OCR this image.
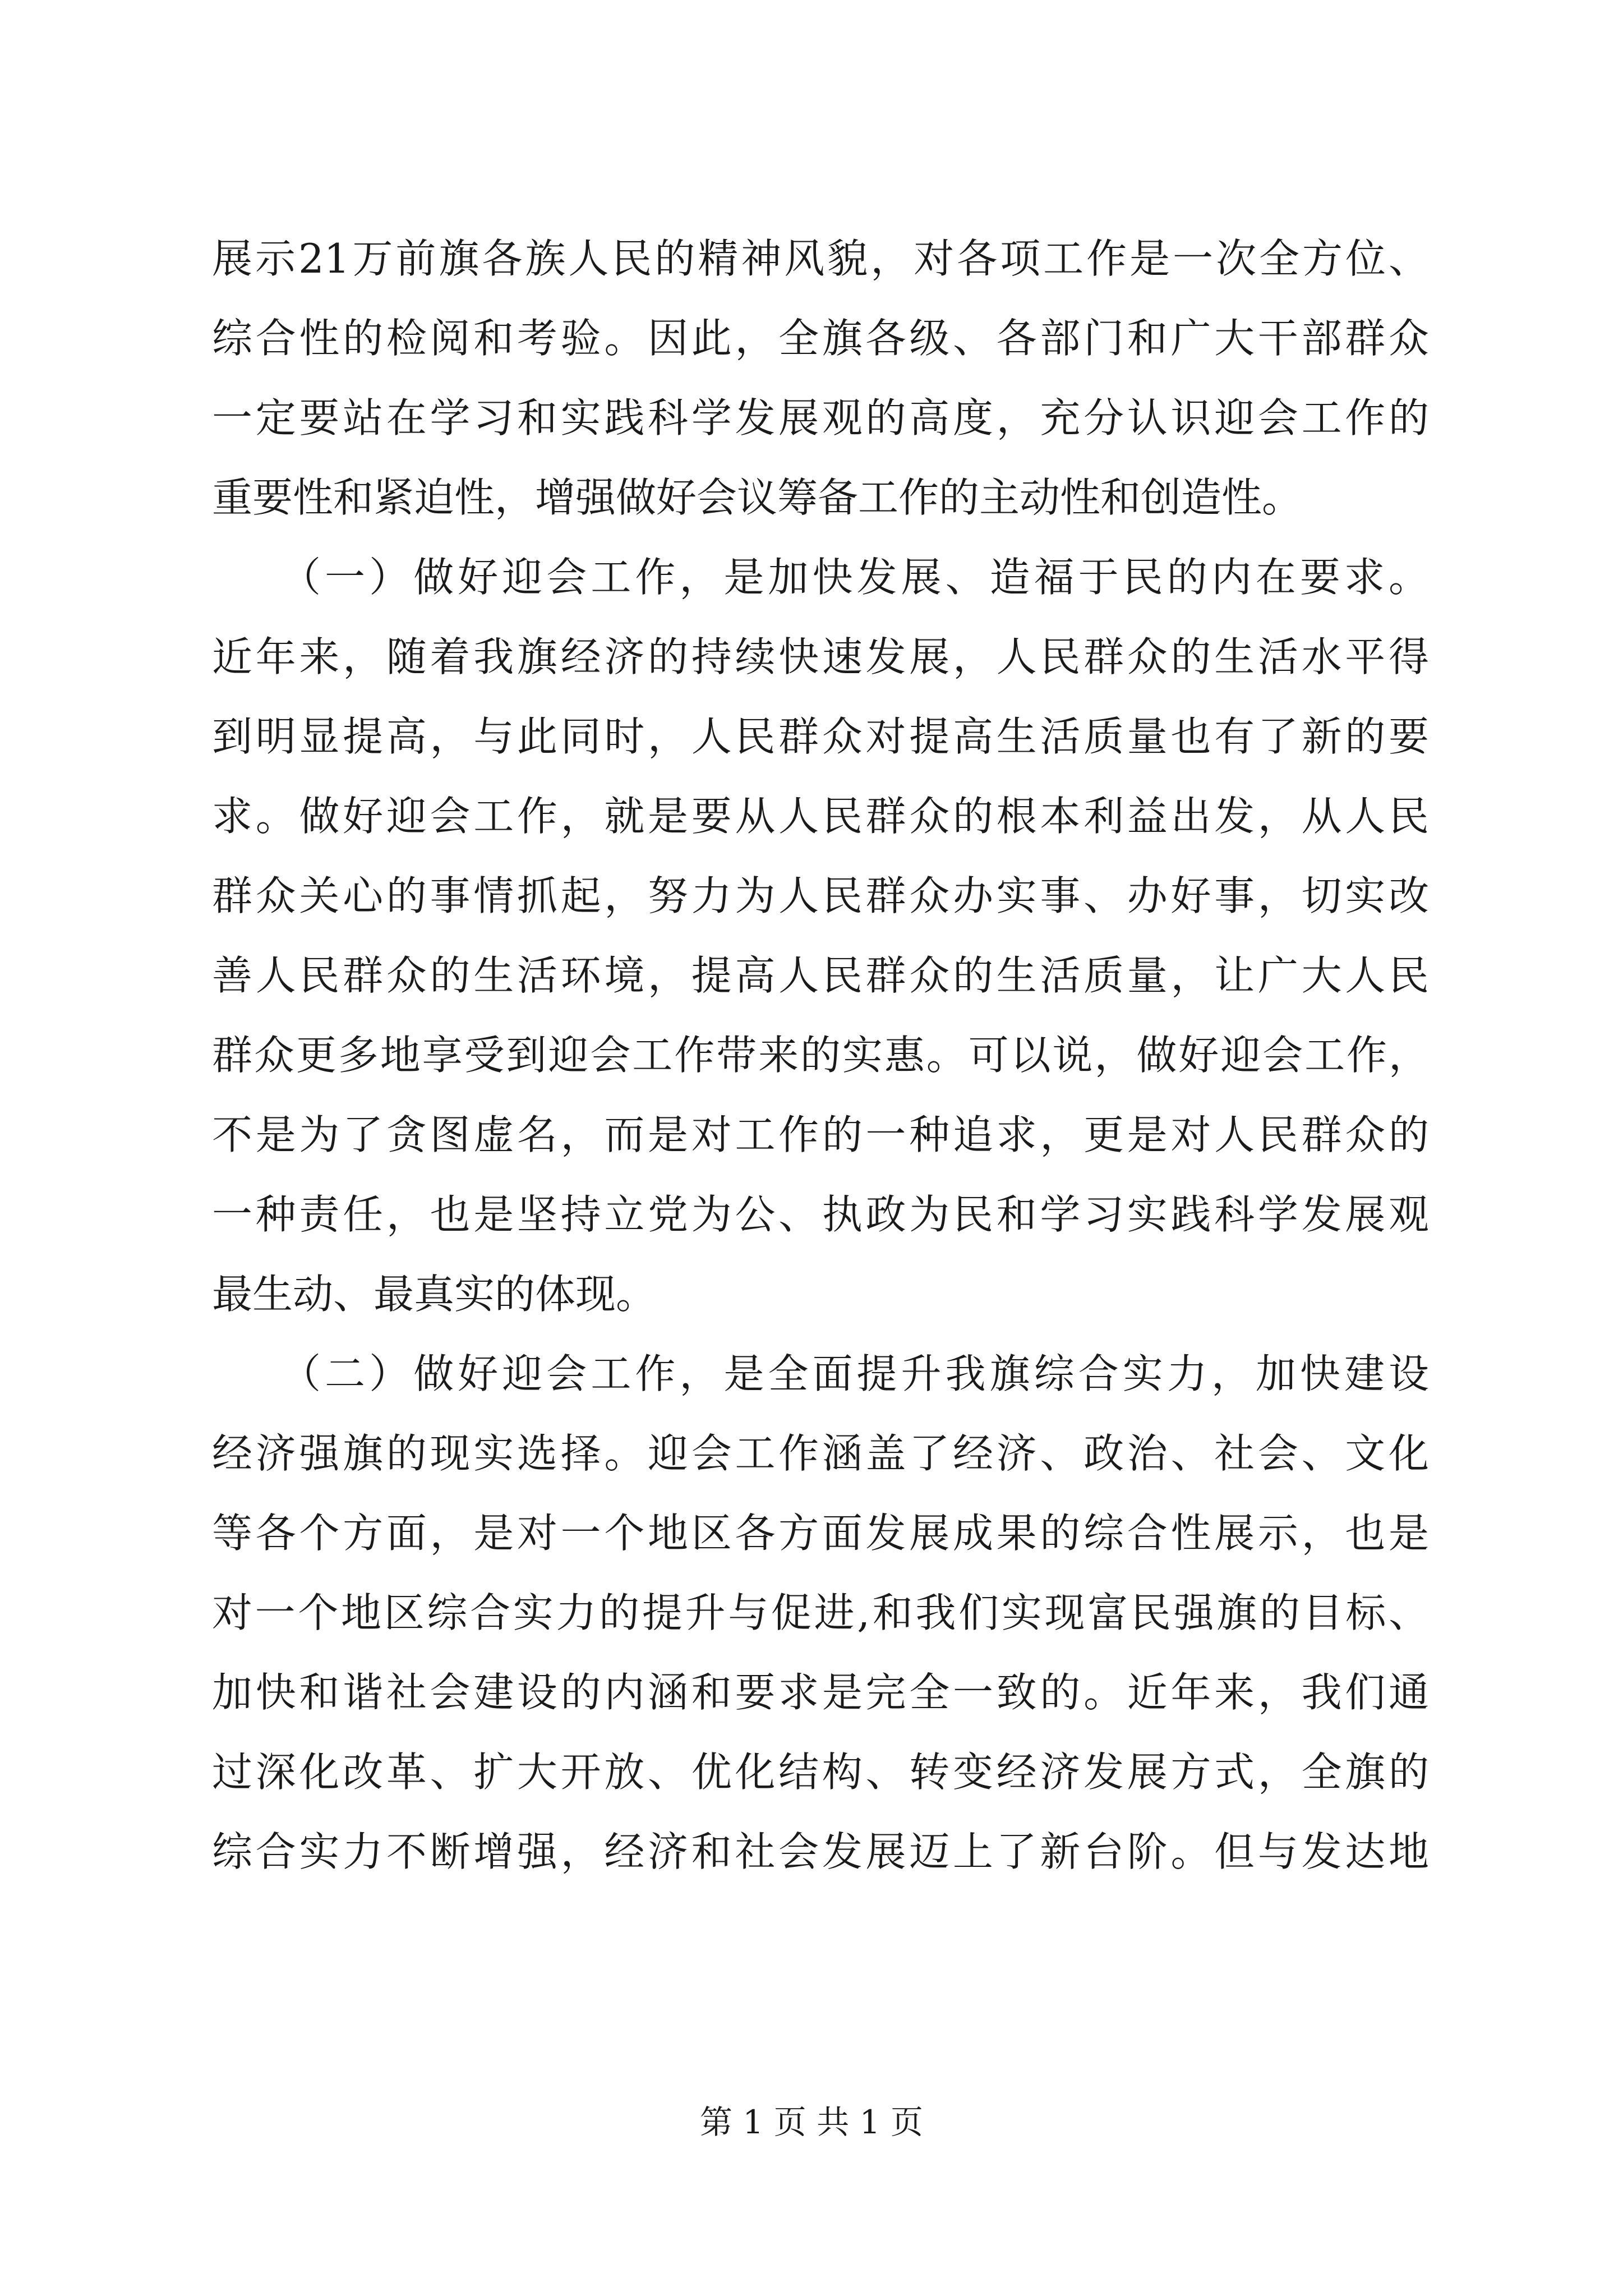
展示21万前旗各族人民的精神风貌，对各项工作是一次全方位、
综合性的检阅和考验。因此，全旗各级、各部门和广大干部群众
一定要站在学习和实践科学发展观的高度，充分认识迎会工作的
重要性和紧迫性，增强做好会议筹备工作的主动性和创造性。
　　（一）做好迎会工作，是加快发展、造福于民的内在要求。
近年来，随着我旗经济的持续快速发展，人民群众的生活水平得
到明显提高，与此同时，人民群众对提高生活质量也有了新的要
求。做好迎会工作，就是要从人民群众的根本利益出发，从人民
群众关心的事情抓起，努力为人民群众办实事、办好事，切实改
善人民群众的生活环境，提高人民群众的生活质量，让广大人民
群众更多地享受到迎会工作带来的实惠。可以说，做好迎会工作，
不是为了贪图虚名，而是对工作的一种追求，更是对人民群众的
一种责任，也是坚持立党为公、执政为民和学习实践科学发展观
最生动、最真实的体现。
　　（二）做好迎会工作，是全面提升我旗综合实力，加快建设
经济强旗的现实选择。迎会工作涵盖了经济、政治、社会、文化
等各个方面，是对一个地区各方面发展成果的综合性展示，也是
对一个地区综合实力的提升与促进,和我们实现富民强旗的目标、
加快和谐社会建设的内涵和要求是完全一致的。近年来，我们通
过深化改革、扩大开放、优化结构、转变经济发展方式，全旗的
综合实力不断增强，经济和社会发展迈上了新台阶。但与发达地
第 1 页 共 1 页
